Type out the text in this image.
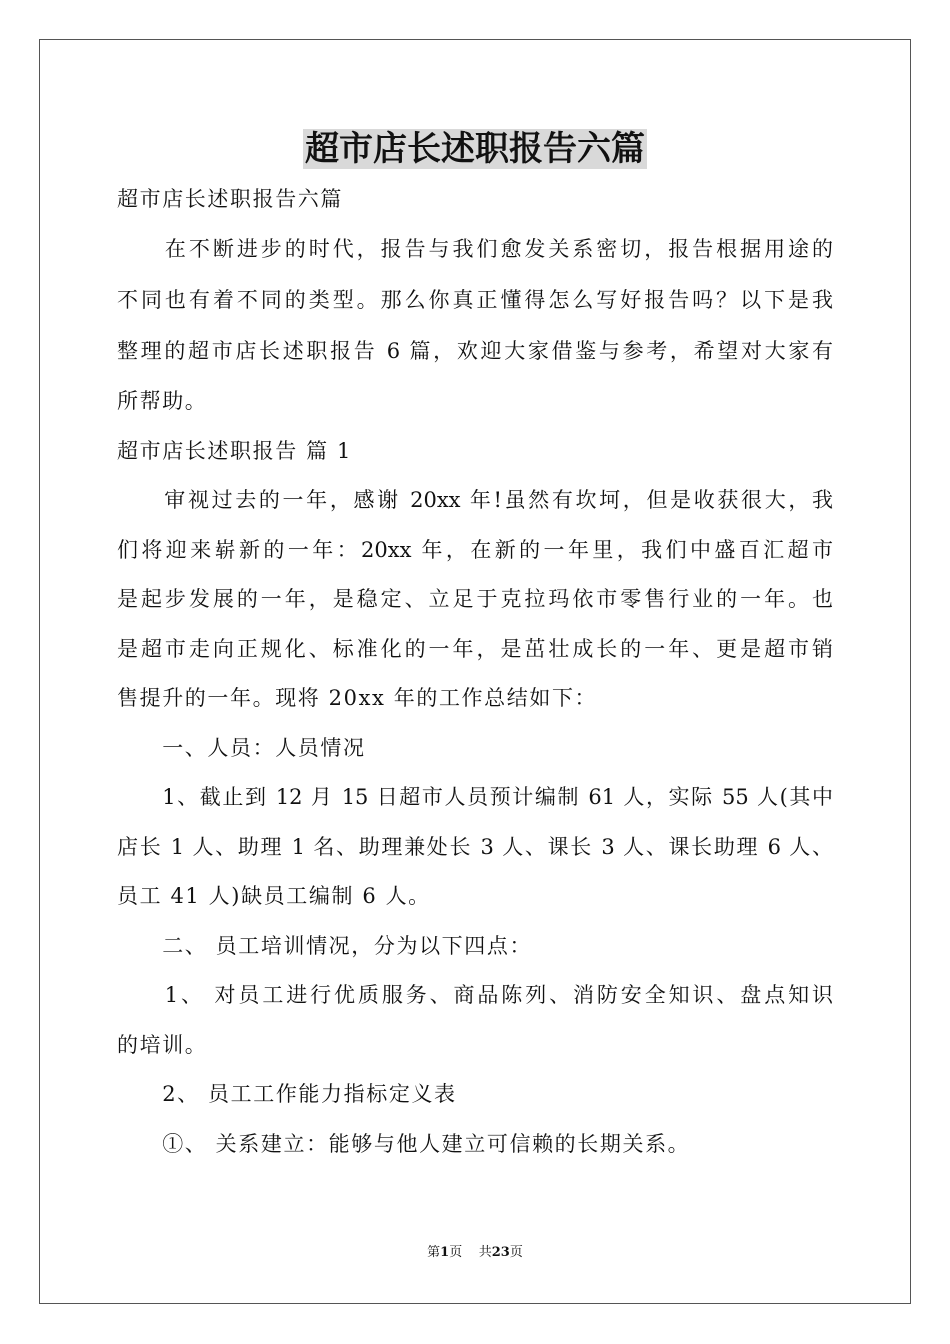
超市店长述职报告六篇
超市店长述职报告六篇
　　在不断进步的时代，报告与我们愈发关系密切，报告根据用途的
不同也有着不同的类型。那么你真正懂得怎么写好报告吗？以下是我
整理的超市店长述职报告 6 篇，欢迎大家借鉴与参考，希望对大家有
所帮助。
超市店长述职报告 篇 1
　　审视过去的一年，感谢 20xx 年!虽然有坎坷，但是收获很大，我
们将迎来崭新的一年：20xx 年，在新的一年里，我们中盛百汇超市
是起步发展的一年，是稳定、立足于克拉玛依市零售行业的一年。也
是超市走向正规化、标准化的一年，是茁壮成长的一年、更是超市销
售提升的一年。现将 20xx 年的工作总结如下：
　　一、人员：人员情况
　　1、截止到 12 月 15 日超市人员预计编制 61 人，实际 55 人(其中
店长 1 人、助理 1 名、助理兼处长 3 人、课长 3 人、课长助理 6 人、
员工 41 人)缺员工编制 6 人。
　　二、 员工培训情况，分为以下四点：
　　1、 对员工进行优质服务、商品陈列、消防安全知识、盘点知识
的培训。
　　2、 员工工作能力指标定义表
　　①、 关系建立：能够与他人建立可信赖的长期关系。
第1页 共23页
